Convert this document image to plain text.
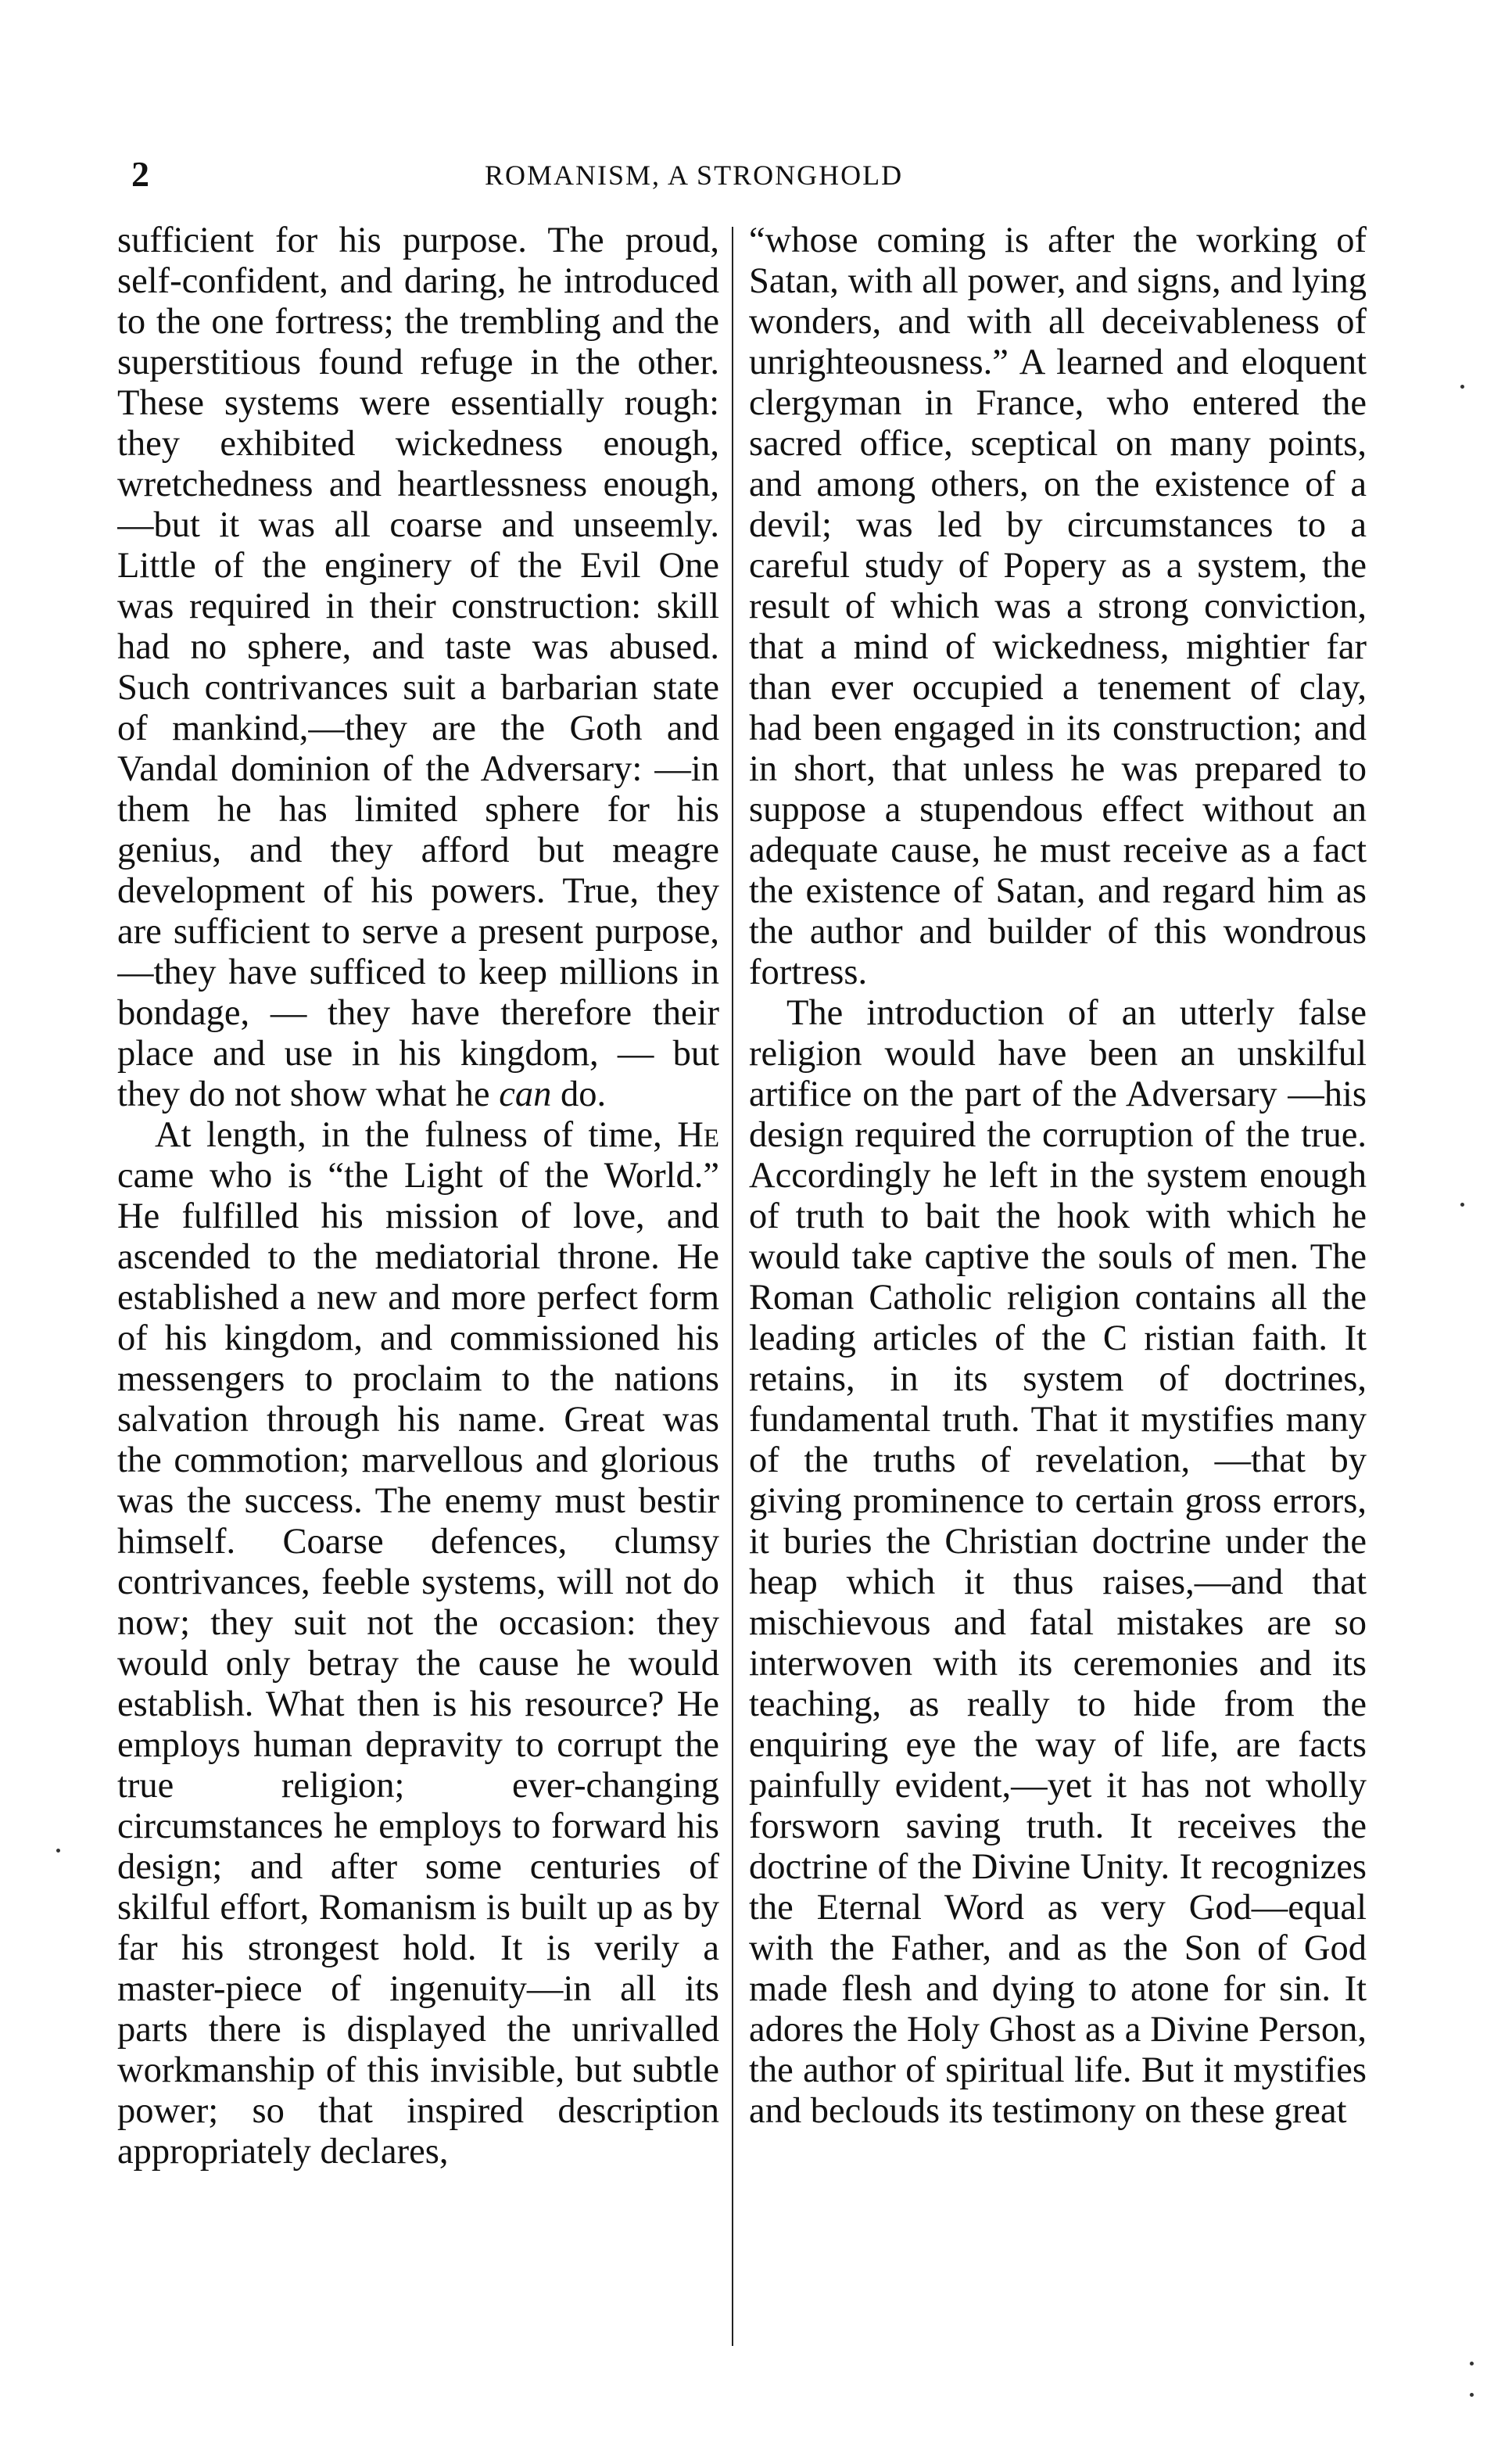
2	ROMANISM, A STRONGHOLD

sufficient for his purpose. The proud, self-confident, and daring, he introduced to the one fortress; the trembling and the superstitious found refuge in the other. These systems were essentially rough: they exhibited wickedness enough, wretchedness and heartlessness enough,—but it was all coarse and unseemly. Little of the enginery of the Evil One was required in their construction: skill had no sphere, and taste was abused. Such contrivances suit a barbarian state of mankind,—they are the Goth and Vandal dominion of the Adversary: —in them he has limited sphere for his genius, and they afford but meagre development of his powers. True, they are sufficient to serve a present purpose,—they have sufficed to keep millions in bondage, — they have therefore their place and use in his kingdom, — but they do not show what he can do.

At length, in the fulness of time, He came who is “the Light of the World.” He fulfilled his mission of love, and ascended to the mediatorial throne. He established a new and more perfect form of his kingdom, and commissioned his messengers to proclaim to the nations salvation through his name. Great was the commotion; marvellous and glorious was the success. The enemy must bestir himself. Coarse defences, clumsy contrivances, feeble systems, will not do now; they suit not the occasion: they would only betray the cause he would establish. What then is his resource? He employs human depravity to corrupt the true religion; ever-changing circumstances he employs to forward his design; and after some centuries of skilful effort, Romanism is built up as by far his strongest hold. It is verily a master-piece of ingenuity—in all its parts there is displayed the unrivalled workmanship of this invisible, but subtle power; so that inspired description appropriately declares,

“whose coming is after the working of Satan, with all power, and signs, and lying wonders, and with all deceivableness of unrighteousness.” A learned and eloquent clergyman in France, who entered the sacred office, sceptical on many points, and among others, on the existence of a devil; was led by circumstances to a careful study of Popery as a system, the result of which was a strong conviction, that a mind of wickedness, mightier far than ever occupied a tenement of clay, had been engaged in its construction; and in short, that unless he was prepared to suppose a stupendous effect without an adequate cause, he must receive as a fact the existence of Satan, and regard him as the author and builder of this wondrous fortress.

The introduction of an utterly false religion would have been an unskilful artifice on the part of the Adversary —his design required the corruption of the true. Accordingly he left in the system enough of truth to bait the hook with which he would take captive the souls of men. The Roman Catholic religion contains all the leading articles of the C ristian faith. It retains, in its system of doctrines, fundamental truth. That it mystifies many of the truths of revelation, —that by giving prominence to certain gross errors, it buries the Christian doctrine under the heap which it thus raises,—and that mischievous and fatal mistakes are so interwoven with its ceremonies and its teaching, as really to hide from the enquiring eye the way of life, are facts painfully evident,—yet it has not wholly forsworn saving truth. It receives the doctrine of the Divine Unity. It recognizes the Eternal Word as very God—equal with the Father, and as the Son of God made flesh and dying to atone for sin. It adores the Holy Ghost as a Divine Person, the author of spiritual life. But it mystifies and beclouds its testimony on these great
